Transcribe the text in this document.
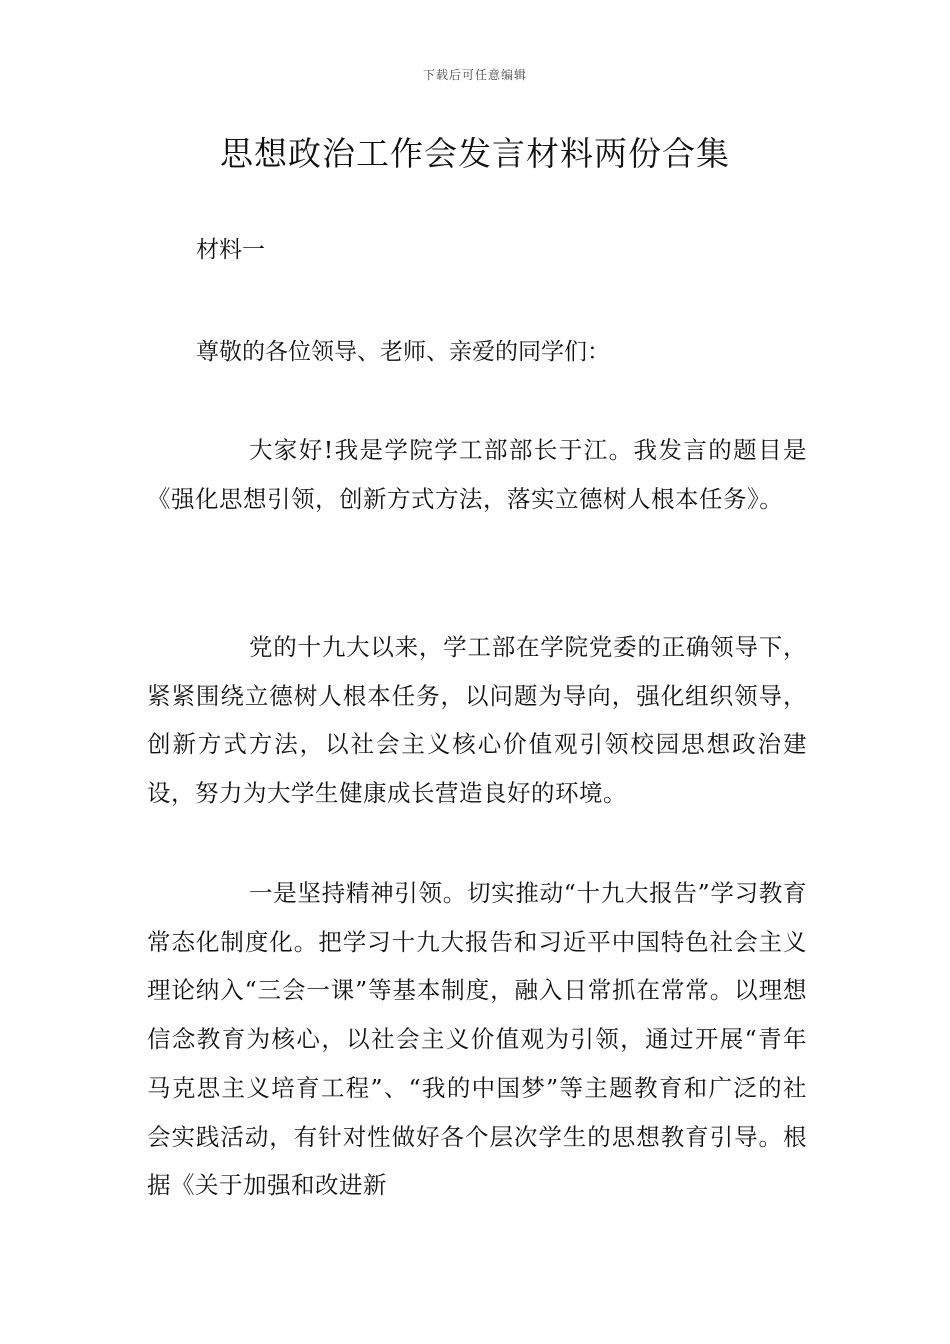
下载后可任意编辑
思想政治工作会发言材料两份合集

材料一

尊敬的各位领导、老师、亲爱的同学们：

大家好!我是学院学工部部长于江。我发言的题目是《强化思想引领，创新方式方法，落实立德树人根本任务》。

党的十九大以来，学工部在学院党委的正确领导下，紧紧围绕立德树人根本任务，以问题为导向，强化组织领导，创新方式方法，以社会主义核心价值观引领校园思想政治建设，努力为大学生健康成长营造良好的环境。

一是坚持精神引领。切实推动“十九大报告”学习教育常态化制度化。把学习十九大报告和习近平中国特色社会主义理论纳入“三会一课”等基本制度，融入日常抓在常常。以理想信念教育为核心，以社会主义价值观为引领，通过开展“青年马克思主义培育工程”、“我的中国梦”等主题教育和广泛的社会实践活动，有针对性做好各个层次学生的思想教育引导。根据《关于加强和改进新
